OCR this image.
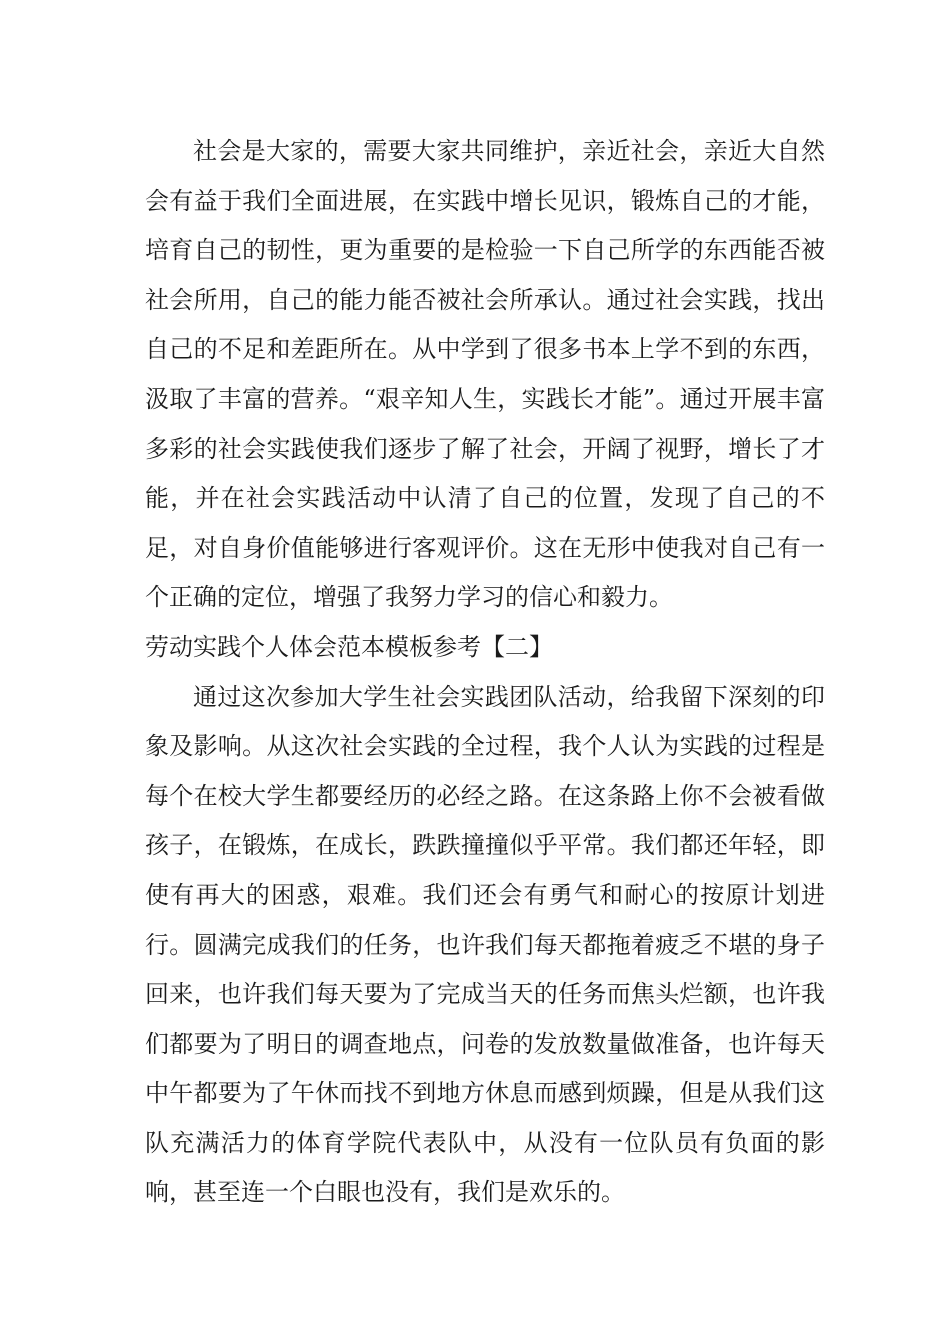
社会是大家的，需要大家共同维护，亲近社会，亲近大自然会有益于我们全面进展，在实践中增长见识，锻炼自己的才能，培育自己的韧性，更为重要的是检验一下自己所学的东西能否被社会所用，自己的能力能否被社会所承认。通过社会实践，找出自己的不足和差距所在。从中学到了很多书本上学不到的东西，汲取了丰富的营养。“艰辛知人生，实践长才能”。通过开展丰富多彩的社会实践使我们逐步了解了社会，开阔了视野，增长了才能，并在社会实践活动中认清了自己的位置，发现了自己的不足，对自身价值能够进行客观评价。这在无形中使我对自己有一个正确的定位，增强了我努力学习的信心和毅力。

劳动实践个人体会范本模板参考【二】

通过这次参加大学生社会实践团队活动，给我留下深刻的印象及影响。从这次社会实践的全过程，我个人认为实践的过程是每个在校大学生都要经历的必经之路。在这条路上你不会被看做孩子，在锻炼，在成长，跌跌撞撞似乎平常。我们都还年轻，即使有再大的困惑，艰难。我们还会有勇气和耐心的按原计划进行。圆满完成我们的任务，也许我们每天都拖着疲乏不堪的身子回来，也许我们每天要为了完成当天的任务而焦头烂额，也许我们都要为了明日的调查地点，问卷的发放数量做准备，也许每天中午都要为了午休而找不到地方休息而感到烦躁，但是从我们这队充满活力的体育学院代表队中，从没有一位队员有负面的影响，甚至连一个白眼也没有，我们是欢乐的。
